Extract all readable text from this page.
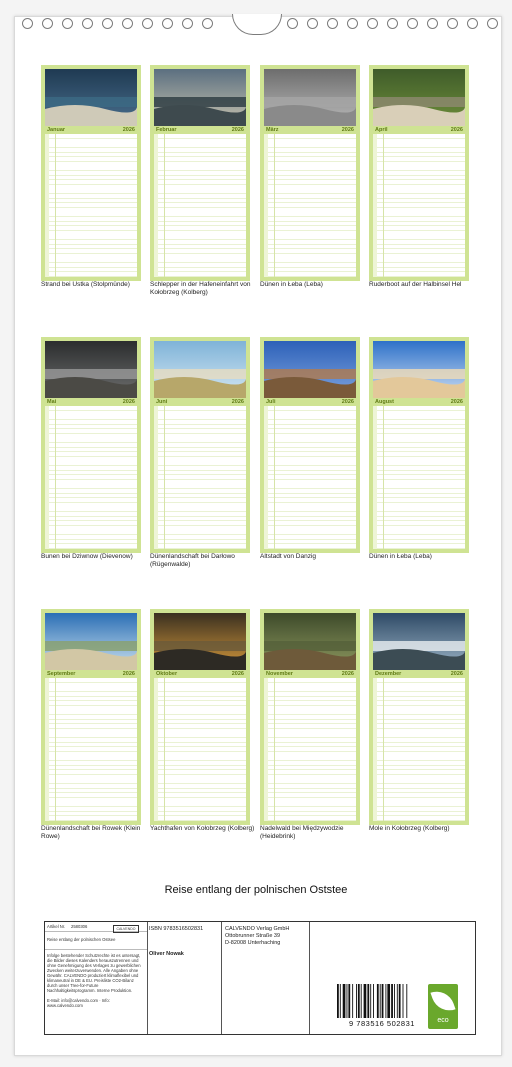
Januar	2026
Strand bei Ustka (Stolpmünde)
Februar	2026
Schlepper in der Hafeneinfahrt von Kołobrzeg (Kolberg)
März	2026
Dünen in Łeba (Leba)
April	2026
Ruderboot auf der Halbinsel Hel
Mai	2026
Bunen bei Dziwnow (Dievenow)
Juni	2026
Dünenlandschaft bei Darłowo (Rügenwalde)
Juli	2026
Altstadt von Danzig
August	2026
Dünen in Łeba (Leba)
September	2026
Dünenlandschaft bei Rowek (Klein Rowe)
Oktober	2026
Yachthafen von Kołobrzeg (Kolberg)
November	2026
Nadelwald bei Międzywodzie (Heidebrink)
Dezember	2026
Mole in Kołobrzeg (Kolberg)
Reise entlang der polnischen Oststee
Artikel Nr. 2580306	CALVENDO
Reise entlang der polnischen Ostsee
Infolge bestehender Schutzrechte ist es untersagt, die Bilder dieses Kalenders herauszutrennen und ohne Genehmigung des Verlages zu gewerblichen Zwecken weiterzuverwenden. Alle Angaben ohne Gewähr. CALVENDO produziert klimaflexibel und klimaneutral in DE & EU. Preisliste CO2-Bilanz durch unser Tree-for-Future Nachhaltigkeitsprogramm. Interne Produktion.
E-Mail: info@calvendo.com · Info: www.calvendo.com
ISBN 9783516502831
Oliver Nowak
CALVENDO Verlag GmbH
Ottobrunner Straße 39
D-82008 Unterhaching
9 783516 502831	eco
